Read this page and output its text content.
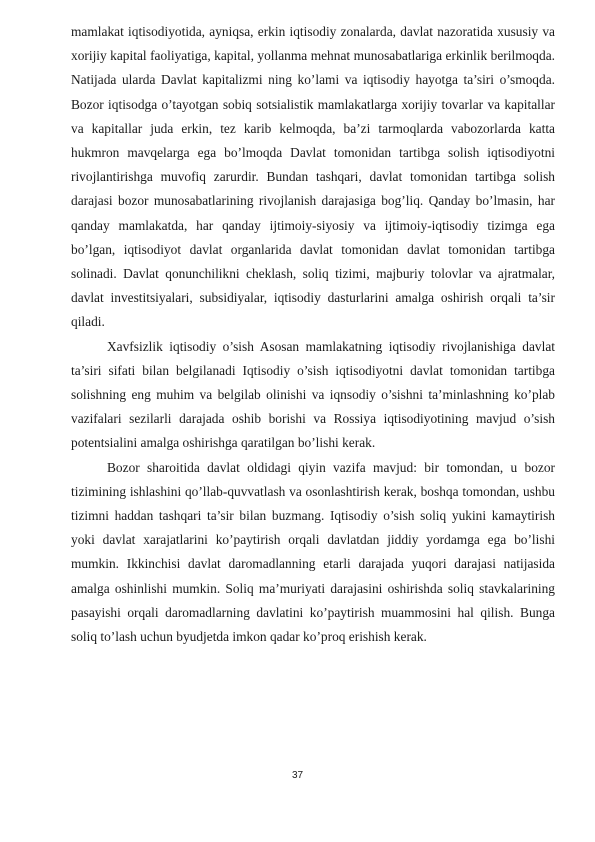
mamlakat iqtisodiyotida, ayniqsa, erkin iqtisodiy zonalarda, davlat nazoratida xususiy va xorijiy kapital faoliyatiga, kapital, yollanma mehnat munosabatlariga erkinlik berilmoqda. Natijada ularda Davlat kapitalizmi ning ko’lami va iqtisodiy hayotga ta’siri o’smoqda. Bozor iqtisodga o’tayotgan sobiq sotsialistik mamlakatlarga xorijiy tovarlar va kapitallar va kapitallar juda erkin, tez karib kelmoqda, ba’zi tarmoqlarda vabozorlarda katta hukmron mavqelarga ega bo’lmoqda Davlat tomonidan tartibga solish iqtisodiyotni rivojlantirishga muvofiq zarurdir. Bundan tashqari, davlat tomonidan tartibga solish darajasi bozor munosabatlarining rivojlanish darajasiga bog’liq. Qanday bo’lmasin, har qanday mamlakatda, har qanday ijtimoiy-siyosiy va ijtimoiy-iqtisodiy tizimga ega bo’lgan, iqtisodiyot davlat organlarida davlat tomonidan davlat tomonidan tartibga solinadi. Davlat qonunchilikni cheklash, soliq tizimi, majburiy tolovlar va ajratmalar, davlat investitsiyalari, subsidiyalar, iqtisodiy dasturlarini amalga oshirish orqali ta’sir qiladi.

Xavfsizlik iqtisodiy o’sish Asosan mamlakatning iqtisodiy rivojlanishiga davlat ta’siri sifati bilan belgilanadi Iqtisodiy o’sish iqtisodiyotni davlat tomonidan tartibga solishning eng muhim va belgilab olinishi va iqnsodiy o’sishni ta’minlashning ko’plab vazifalari sezilarli darajada oshib borishi va Rossiya iqtisodiyotining mavjud o’sish potentsialini amalga oshirishga qaratilgan bo’lishi kerak.

Bozor sharoitida davlat oldidagi qiyin vazifa mavjud: bir tomondan, u bozor tizimining ishlashini qo’llab-quvvatlash va osonlashtirish kerak, boshqa tomondan, ushbu tizimni haddan tashqari ta’sir bilan buzmang. Iqtisodiy o’sish soliq yukini kamaytirish yoki davlat xarajatlarini ko’paytirish orqali davlatdan jiddiy yordamga ega bo’lishi mumkin. Ikkinchisi davlat daromadlanning etarli darajada yuqori darajasi natijasida amalga oshinlishi mumkin. Soliq ma’muriyati darajasini oshirishda soliq stavkalarining pasayishi orqali daromadlarning davlatini ko’paytirish muammosini hal qilish. Bunga soliq to’lash uchun byudjetda imkon qadar ko’proq erishish kerak.

37
